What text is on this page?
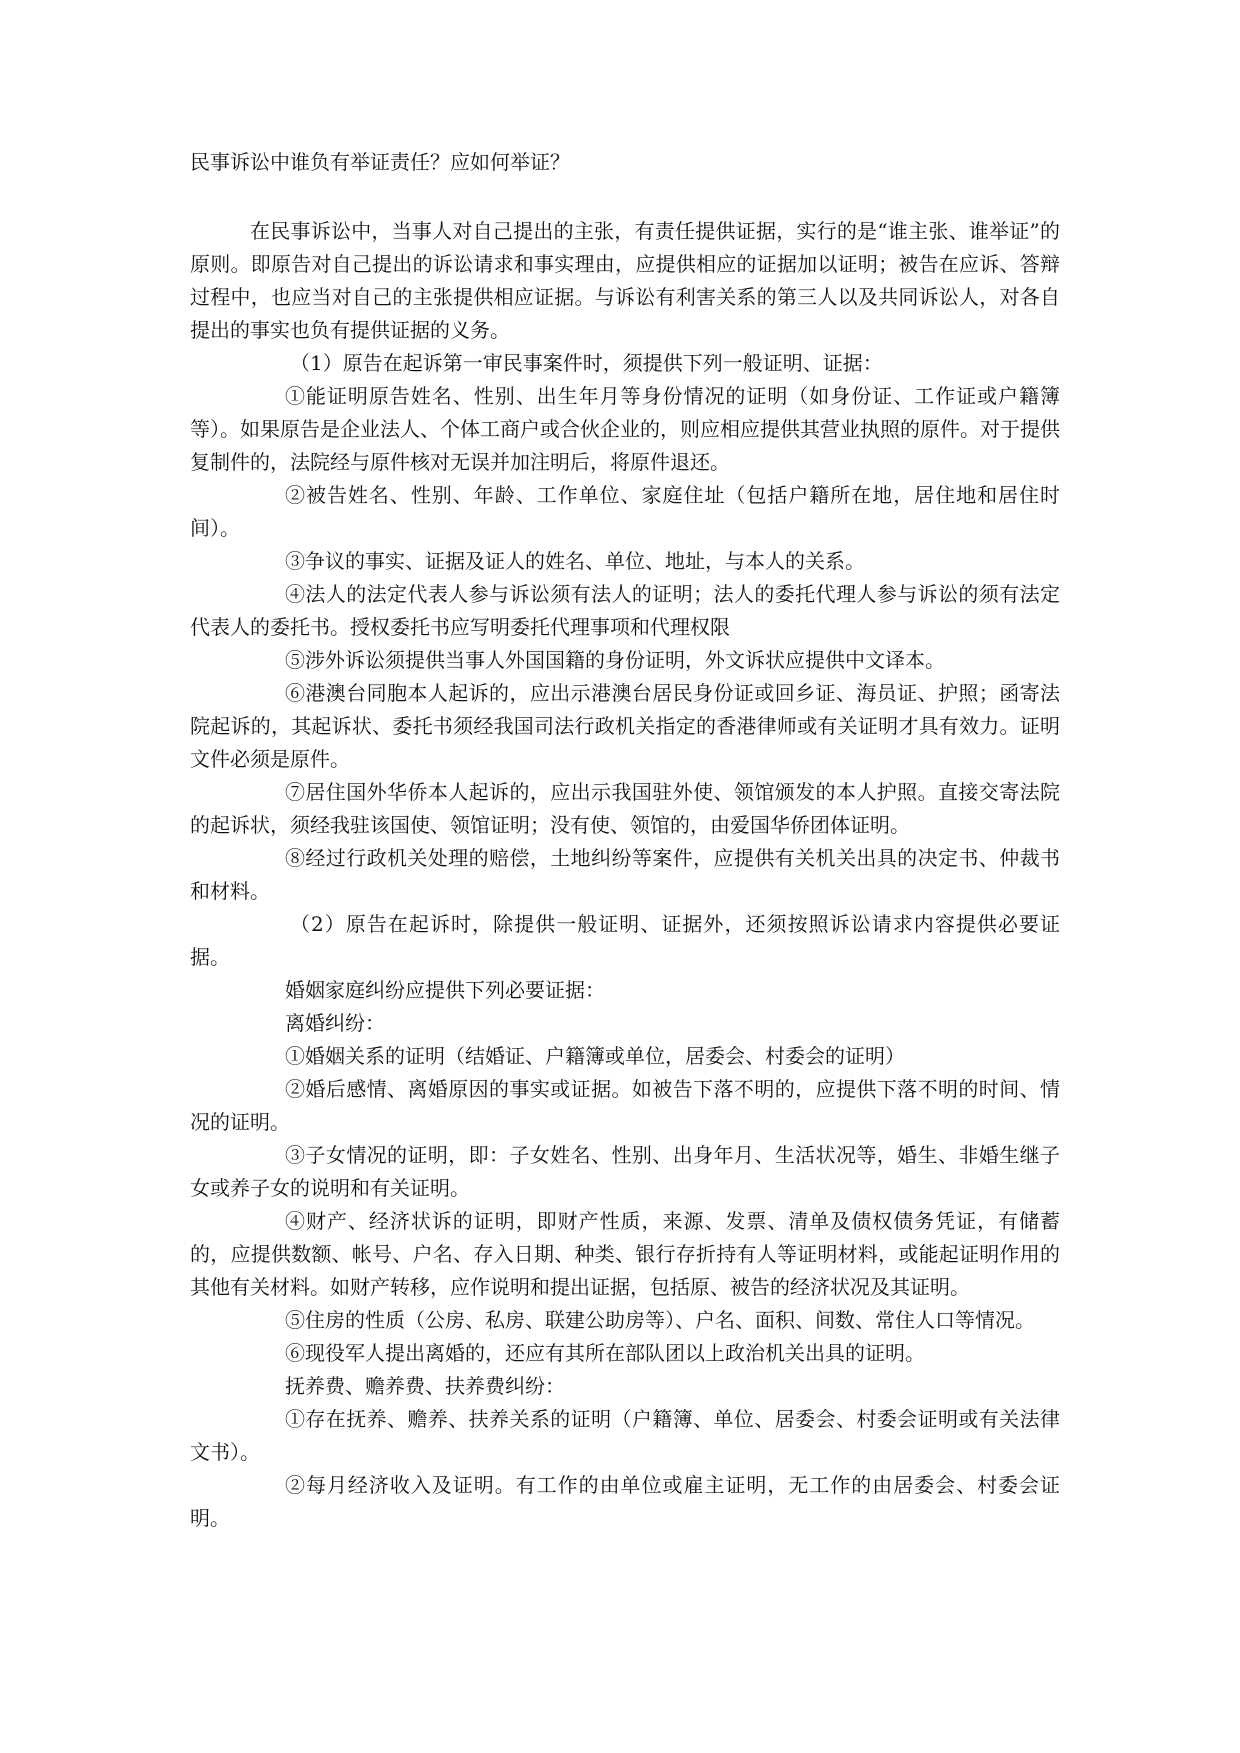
民事诉讼中谁负有举证责任？应如何举证？

在民事诉讼中，当事人对自己提出的主张，有责任提供证据，实行的是“谁主张、谁举证”的原则。即原告对自己提出的诉讼请求和事实理由，应提供相应的证据加以证明；被告在应诉、答辩过程中，也应当对自己的主张提供相应证据。与诉讼有利害关系的第三人以及共同诉讼人，对各自提出的事实也负有提供证据的义务。

（1）原告在起诉第一审民事案件时，须提供下列一般证明、证据：

①能证明原告姓名、性别、出生年月等身份情况的证明（如身份证、工作证或户籍簿等）。如果原告是企业法人、个体工商户或合伙企业的，则应相应提供其营业执照的原件。对于提供复制件的，法院经与原件核对无误并加注明后，将原件退还。

②被告姓名、性别、年龄、工作单位、家庭住址（包括户籍所在地，居住地和居住时间）。

③争议的事实、证据及证人的姓名、单位、地址，与本人的关系。

④法人的法定代表人参与诉讼须有法人的证明；法人的委托代理人参与诉讼的须有法定代表人的委托书。授权委托书应写明委托代理事项和代理权限

⑤涉外诉讼须提供当事人外国国籍的身份证明，外文诉状应提供中文译本。

⑥港澳台同胞本人起诉的，应出示港澳台居民身份证或回乡证、海员证、护照；函寄法院起诉的，其起诉状、委托书须经我国司法行政机关指定的香港律师或有关证明才具有效力。证明文件必须是原件。

⑦居住国外华侨本人起诉的，应出示我国驻外使、领馆颁发的本人护照。直接交寄法院的起诉状，须经我驻该国使、领馆证明；没有使、领馆的，由爱国华侨团体证明。

⑧经过行政机关处理的赔偿，土地纠纷等案件，应提供有关机关出具的决定书、仲裁书和材料。

（2）原告在起诉时，除提供一般证明、证据外，还须按照诉讼请求内容提供必要证据。

婚姻家庭纠纷应提供下列必要证据：

离婚纠纷：

①婚姻关系的证明（结婚证、户籍簿或单位，居委会、村委会的证明）

②婚后感情、离婚原因的事实或证据。如被告下落不明的，应提供下落不明的时间、情况的证明。

③子女情况的证明，即：子女姓名、性别、出身年月、生活状况等，婚生、非婚生继子女或养子女的说明和有关证明。

④财产、经济状诉的证明，即财产性质，来源、发票、清单及债权债务凭证，有储蓄的，应提供数额、帐号、户名、存入日期、种类、银行存折持有人等证明材料，或能起证明作用的其他有关材料。如财产转移，应作说明和提出证据，包括原、被告的经济状况及其证明。

⑤住房的性质（公房、私房、联建公助房等）、户名、面积、间数、常住人口等情况。

⑥现役军人提出离婚的，还应有其所在部队团以上政治机关出具的证明。

抚养费、赡养费、扶养费纠纷：

①存在抚养、赡养、扶养关系的证明（户籍簿、单位、居委会、村委会证明或有关法律文书）。

②每月经济收入及证明。有工作的由单位或雇主证明，无工作的由居委会、村委会证明。
